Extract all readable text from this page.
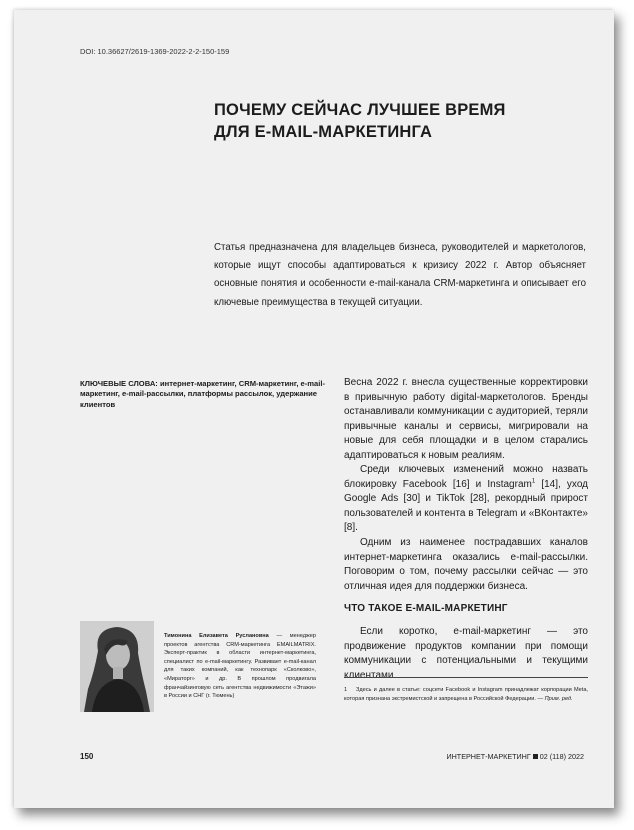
DOI: 10.36627/2619-1369-2022-2-2-150-159
ПОЧЕМУ СЕЙЧАС ЛУЧШЕЕ ВРЕМЯ
ДЛЯ E-MAIL-МАРКЕТИНГА

Статья предназначена для владельцев бизнеса, руководителей и маркетологов, которые ищут способы адаптироваться к кризису 2022 г. Автор объясняет основные понятия и особенности e-mail-канала CRM-маркетинга и описывает его ключевые преимущества в текущей ситуации.

КЛЮЧЕВЫЕ СЛОВА: интернет-маркетинг, CRM-маркетинг, e-mail-маркетинг, e-mail-рассылки, платформы рассылок, удержание клиентов

Весна 2022 г. внесла существенные корректировки в привычную работу digital-маркетологов. Бренды останавливали коммуникации с аудиторией, теряли привычные каналы и сервисы, мигрировали на новые для себя площадки и в целом старались адаптироваться к новым реалиям.

Среди ключевых изменений можно назвать блокировку Facebook [16] и Instagram$^1$ [14], уход Google Ads [30] и TikTok [28], рекордный прирост пользователей и контента в Telegram и «ВКонтакте» [8].

Одним из наименее пострадавших каналов интернет-маркетинга оказались e-mail-рассылки. Поговорим о том, почему рассылки сейчас — это отличная идея для поддержки бизнеса.

ЧТО ТАКОЕ E-MAIL-МАРКЕТИНГ

Если коротко, e-mail-маркетинг — это продвижение продуктов компании при помощи коммуникации с потенциальными и текущими клиентами

Тимонина Елизавета Руслановна — менеджер проектов агентства CRM-маркетинга EMAILMATRIX. Эксперт-практик в области интернет-маркетинга, специалист по e-mail-маркетингу. Развивает e-mail-канал для таких компаний, как технопарк «Сколково», «Мираторг» и др. В прошлом продвигала франчайзинговую сеть агентства недвижимости «Этажи» в России и СНГ (г. Тюмень)

1 Здесь и далее в статье: соцсети Facebook и Instagram принадлежат корпорации Meta, которая признана экстремистской и запрещена в Российской Федерации. — Прим. ред.

150	ИНТЕРНЕТ-МАРКЕТИНГ 02 (118) 2022
